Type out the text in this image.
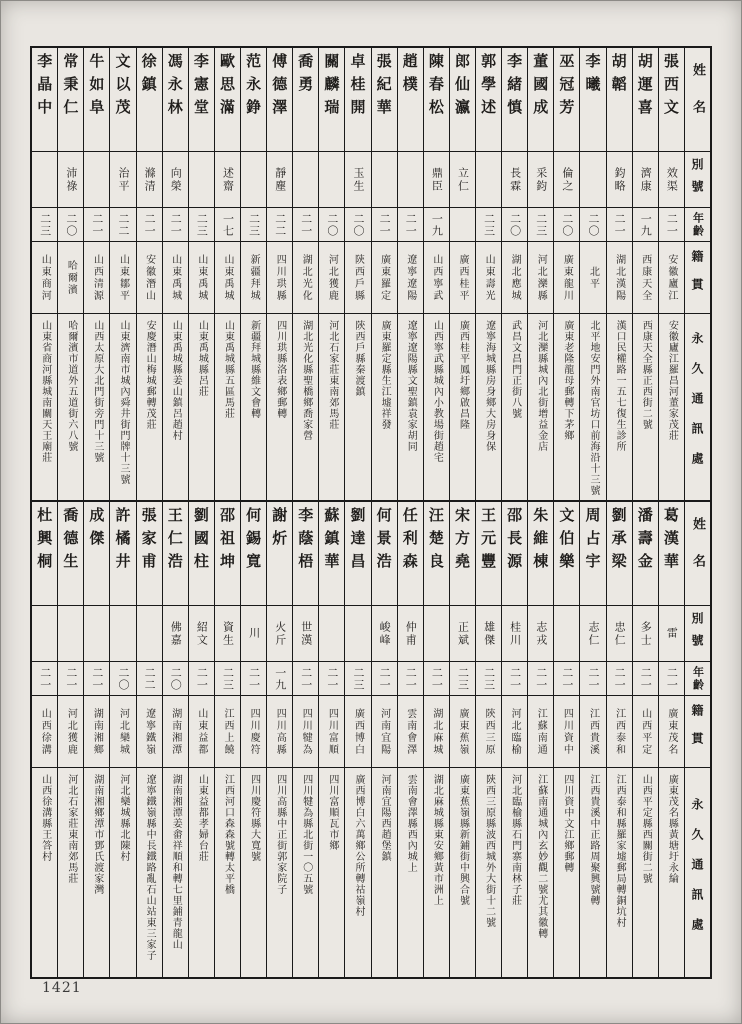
姓名
別號
年齡
籍貫
永久通訊處
張西文
效渠
二一
安徽廬江
安徽廬江羅昌河董家茂莊
胡運喜
濟康
一九
西康天全
西康天全縣正西街二號
胡韜
鈞略
二一
湖北漢陽
漢口民權路一五七復生診所
李曦
二〇
北平
北平地安門外南官坊口前海沿十三號
巫冠芳
倫之
二〇
廣東龍川
廣東老隆龍母郵轉下茅鄉
董國成
采鈞
二三
河北灤縣
河北灤縣城內北街增益金店
李緒慎
長霖
二〇
湖北應城
武昌文昌門正街八號
郭學述
二三
山東壽光
遼寧海城縣房身鄉大房身保
郎仙瀛
立仁
廣西桂平
廣西桂平鳳圩鄉啟昌隆
陳春松
鼎臣
一九
山西寧武
山西寧武縣城內小教場街趙宅
趙樸
二一
遼寧遼陽
遼寧遼陽縣文聖鎮袁家胡同
張紀華
二一
廣東羅定
廣東羅定縣生江墟祥發
卓桂開
玉生
二〇
陝西戶縣
陝西戶縣秦渡鎮
關麟瑞
二〇
河北獲鹿
河北石家莊東南郊馬莊
喬勇
二一
湖北光化
湖北光化縣聖橋鄉喬家營
傅德澤
靜塵
二二
四川珙縣
四川珙縣洛表鄉郵轉
范永錚
二三
新疆拜城
新疆拜城縣維文會轉
歐思滿
述齋
一七
山東禹城
山東禹城縣五區馬莊
李憲堂
二三
山東禹城
山東禹城縣呂莊
馮永林
向榮
二一
山東禹城
山東禹城縣姜山鎮呂趙村
徐鎮
滌清
二一
安徽潛山
安慶潛山梅城郵轉茂莊
文以茂
治平
二二
山東鄒平
山東濟南市城內舜井街門牌十三號
牛如阜
二一
山西清源
山西太原大北門街旁門十三號
常秉仁
沛祿
二〇
哈爾濱
哈爾濱市道外五道街六八號
李晶中
二三
山東商河
山東省商河縣城南關天王廟莊
姓名
別號
年齡
籍貫
永久通訊處
葛漢華
雷
二一
廣東茂名
廣東茂名縣黃塘圩永綸
潘壽金
多士
二一
山西平定
山西平定縣西關街二號
劉承梁
忠仁
二一
江西泰和
江西泰和縣羅家墟郵局轉銅坑村
周占宇
志仁
二一
江西貴溪
江西貴溪中正路周聚興號轉
文伯樂
二一
四川資中
四川資中文江鄉郵轉
朱維棟
志戎
二一
江蘇南通
江蘇南通城內玄妙觀二號尤其徽轉
邵長源
桂川
二一
河北臨榆
河北臨榆縣石門寨南林子莊
王元豐
雄傑
二三
陝西三原
陝西三原縣波西城外大街十二號
宋方堯
正斌
二三
廣東蕉嶺
廣東蕉嶺縣新鋪街中興合號
汪楚良
二一
湖北麻城
湖北麻城縣東安鄉黃市洲上
任利森
仲甫
二一
雲南會澤
雲南會澤縣西內城上
何景浩
峻峰
二一
河南宜陽
河南宜陽西趙堡鎮
劉達昌
二三
廣西博白
廣西博白六萬鄉公所轉祜嶺村
蘇鎮華
二一
四川富順
四川富順瓦市鄉
李蔭梧
世漢
二一
四川犍為
四川犍為縣北街一〇五號
謝炘
火斤
一九
四川高縣
四川高縣中正街郭家院子
何錫寬
川
二一
四川慶符
四川慶符縣大寬號
邵祖坤
資生
二三
江西上饒
江西河口森森號轉太平橋
劉國柱
紹文
二一
山東益都
山東益都孝婦台莊
王仁浩
佛嘉
二〇
湖南湘潭
湖南湘潭姜畬祥順和轉七里鋪青龍山
張家甫
二二
遼寧鐵嶺
遼寧鐵嶺縣中長鐵路亂石山站東三家子
許橘井
二〇
河北欒城
河北欒城縣北陳村
成傑
二一
湖南湘鄉
湖南湘鄉潭市鄧氏渡家灣
喬德生
二一
河北獲鹿
河北石家莊東南郊馬莊
杜興桐
二一
山西徐溝
山西徐溝縣王答村
1421
